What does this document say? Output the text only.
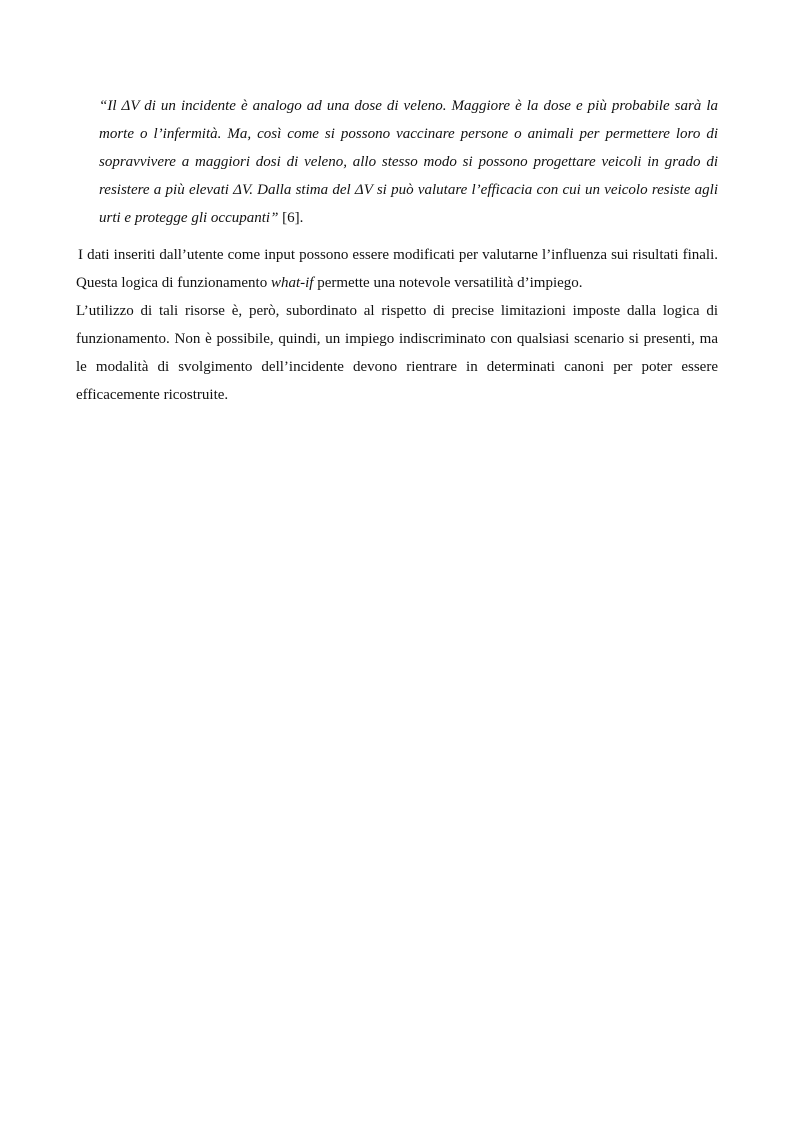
“Il ΔV di un incidente è analogo ad una dose di veleno. Maggiore è la dose e più probabile sarà la morte o l’infermità. Ma, così come si possono vaccinare persone o animali per permettere loro di sopravvivere a maggiori dosi di veleno, allo stesso modo si possono progettare veicoli in grado di resistere a più elevati ΔV. Dalla stima del ΔV si può valutare l’efficacia con cui un veicolo resiste agli urti e protegge gli occupanti” [6].

I dati inseriti dall’utente come input possono essere modificati per valutarne l’influenza sui risultati finali. Questa logica di funzionamento what-if permette una notevole versatilità d’impiego.

L’utilizzo di tali risorse è, però, subordinato al rispetto di precise limitazioni imposte dalla logica di funzionamento. Non è possibile, quindi, un impiego indiscriminato con qualsiasi scenario si presenti, ma le modalità di svolgimento dell’incidente devono rientrare in determinati canoni per poter essere efficacemente ricostruite.
